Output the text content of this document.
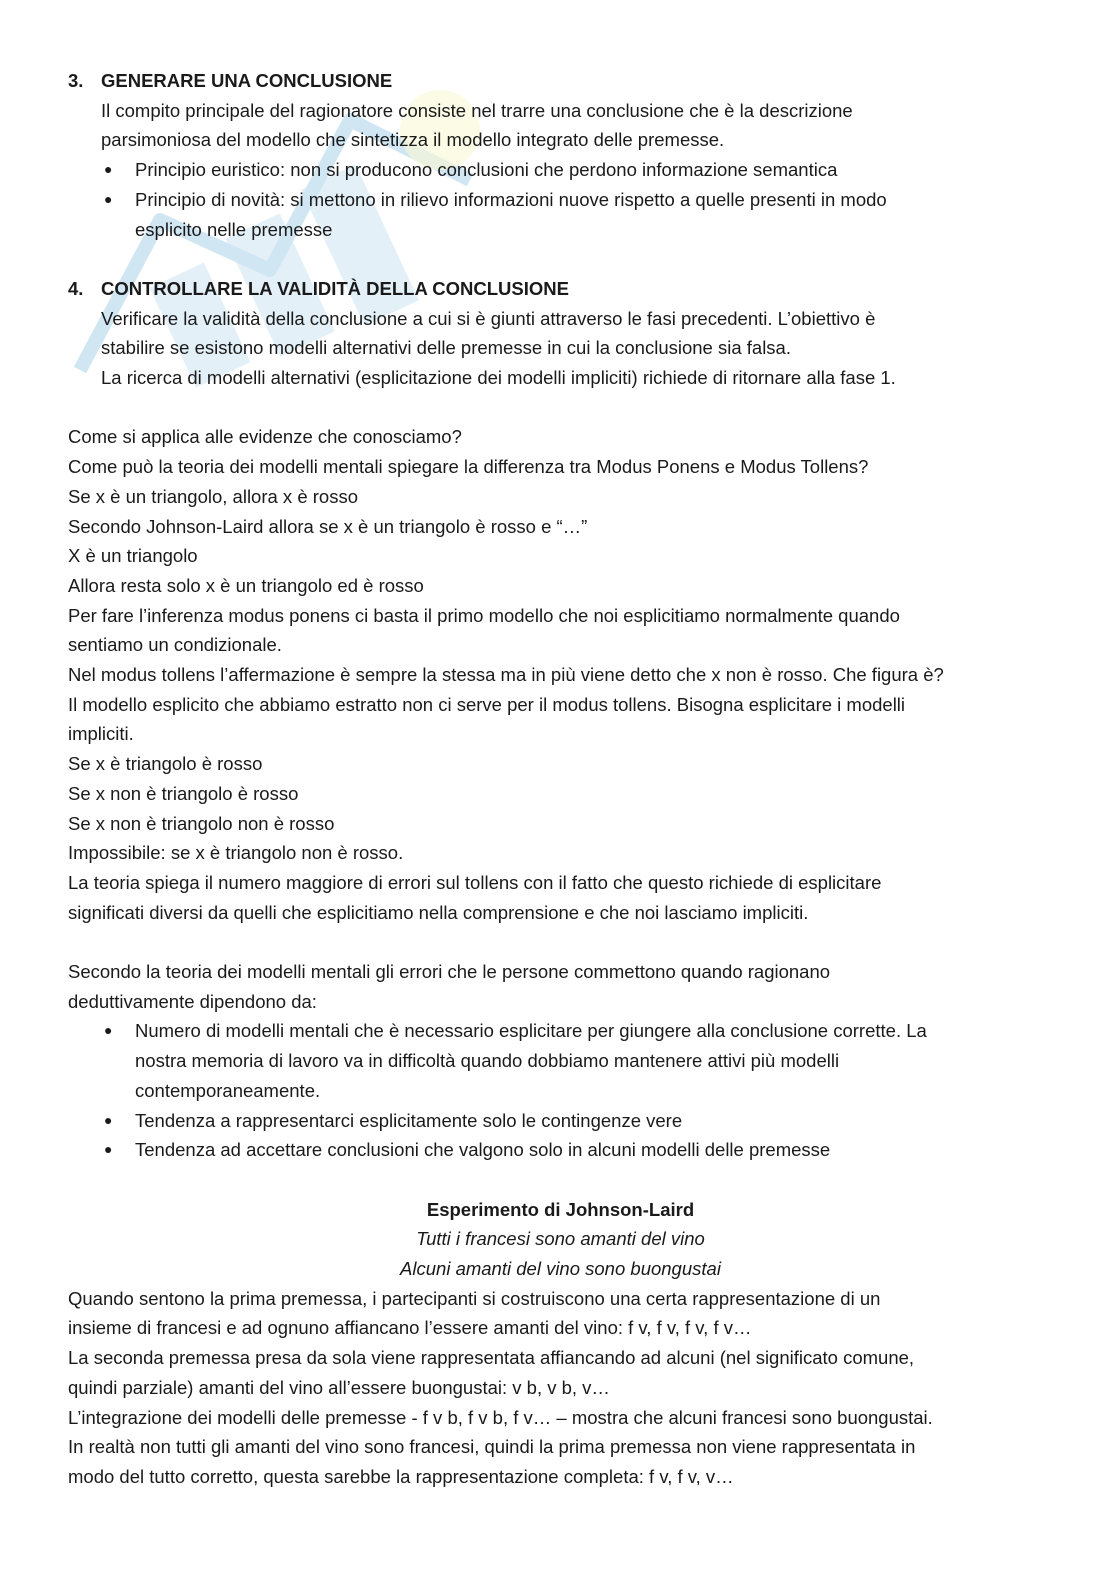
3. GENERARE UNA CONCLUSIONE
Il compito principale del ragionatore consiste nel trarre una conclusione che è la descrizione
parsimoniosa del modello che sintetizza il modello integrato delle premesse.
● Principio euristico: non si producono conclusioni che perdono informazione semantica
● Principio di novità: si mettono in rilievo informazioni nuove rispetto a quelle presenti in modo
esplicito nelle premesse
4. CONTROLLARE LA VALIDITÀ DELLA CONCLUSIONE
Verificare la validità della conclusione a cui si è giunti attraverso le fasi precedenti. L’obiettivo è
stabilire se esistono modelli alternativi delle premesse in cui la conclusione sia falsa.
La ricerca di modelli alternativi (esplicitazione dei modelli impliciti) richiede di ritornare alla fase 1.
Come si applica alle evidenze che conosciamo?
Come può la teoria dei modelli mentali spiegare la differenza tra Modus Ponens e Modus Tollens?
Se x è un triangolo, allora x è rosso
Secondo Johnson-Laird allora se x è un triangolo è rosso e “…”
X è un triangolo
Allora resta solo x è un triangolo ed è rosso
Per fare l’inferenza modus ponens ci basta il primo modello che noi esplicitiamo normalmente quando
sentiamo un condizionale.
Nel modus tollens l’affermazione è sempre la stessa ma in più viene detto che x non è rosso. Che figura è?
Il modello esplicito che abbiamo estratto non ci serve per il modus tollens. Bisogna esplicitare i modelli
impliciti.
Se x è triangolo è rosso
Se x non è triangolo è rosso
Se x non è triangolo non è rosso
Impossibile: se x è triangolo non è rosso.
La teoria spiega il numero maggiore di errori sul tollens con il fatto che questo richiede di esplicitare
significati diversi da quelli che esplicitiamo nella comprensione e che noi lasciamo impliciti.
Secondo la teoria dei modelli mentali gli errori che le persone commettono quando ragionano
deduttivamente dipendono da:
● Numero di modelli mentali che è necessario esplicitare per giungere alla conclusione corrette. La
nostra memoria di lavoro va in difficoltà quando dobbiamo mantenere attivi più modelli
contemporaneamente.
● Tendenza a rappresentarci esplicitamente solo le contingenze vere
● Tendenza ad accettare conclusioni che valgono solo in alcuni modelli delle premesse
Esperimento di Johnson-Laird
Tutti i francesi sono amanti del vino
Alcuni amanti del vino sono buongustai
Quando sentono la prima premessa, i partecipanti si costruiscono una certa rappresentazione di un
insieme di francesi e ad ognuno affiancano l’essere amanti del vino: f v, f v, f v, f v…
La seconda premessa presa da sola viene rappresentata affiancando ad alcuni (nel significato comune,
quindi parziale) amanti del vino all’essere buongustai: v b, v b, v…
L’integrazione dei modelli delle premesse - f v b, f v b, f v… – mostra che alcuni francesi sono buongustai.
In realtà non tutti gli amanti del vino sono francesi, quindi la prima premessa non viene rappresentata in
modo del tutto corretto, questa sarebbe la rappresentazione completa: f v, f v, v…
